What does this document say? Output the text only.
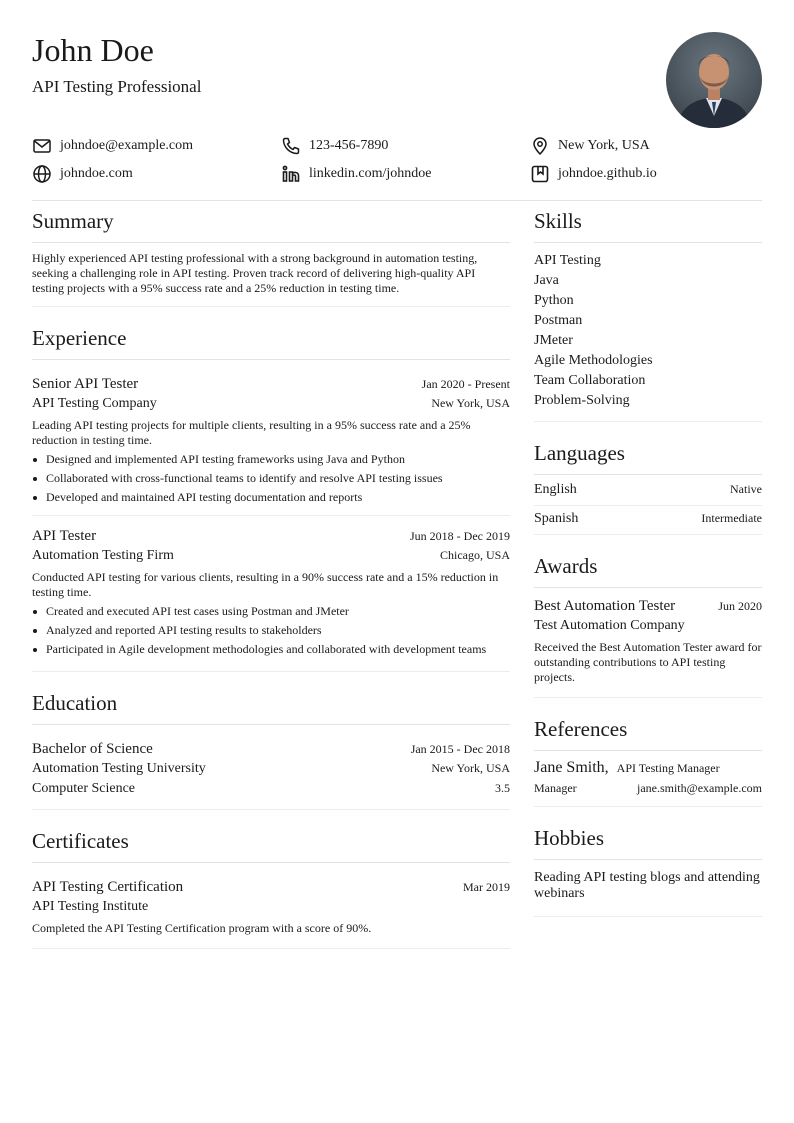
John Doe
API Testing Professional
johndoe@example.com	123-456-7890	New York, USA
johndoe.com	linkedin.com/johndoe	johndoe.github.io
Summary

Highly experienced API testing professional with a strong background in automation testing, seeking a challenging role in API testing. Proven track record of delivering high-quality API testing projects with a 95% success rate and a 25% reduction in testing time.

Experience
Senior API Tester	Jan 2020 - Present
API Testing Company	New York, USA

Leading API testing projects for multiple clients, resulting in a 95% success rate and a 25% reduction in testing time.

Designed and implemented API testing frameworks using Java and Python
Collaborated with cross-functional teams to identify and resolve API testing issues
Developed and maintained API testing documentation and reports
API Tester	Jun 2018 - Dec 2019
Automation Testing Firm	Chicago, USA

Conducted API testing for various clients, resulting in a 90% success rate and a 15% reduction in testing time.

Created and executed API test cases using Postman and JMeter
Analyzed and reported API testing results to stakeholders
Participated in Agile development methodologies and collaborated with development teams
Education
Bachelor of Science	Jan 2015 - Dec 2018
Automation Testing University	New York, USA
Computer Science	3.5
Certificates
API Testing Certification	Mar 2019
API Testing Institute

Completed the API Testing Certification program with a score of 90%.

Skills
API Testing
Java
Python
Postman
JMeter
Agile Methodologies
Team Collaboration
Problem-Solving
Languages
English	Native
Spanish	Intermediate
Awards
Best Automation Tester	Jun 2020
Test Automation Company

Received the Best Automation Tester award for outstanding contributions to API testing projects.

References
Jane Smith, API Testing Manager
Manager	jane.smith@example.com
Hobbies

Reading API testing blogs and attending webinars
